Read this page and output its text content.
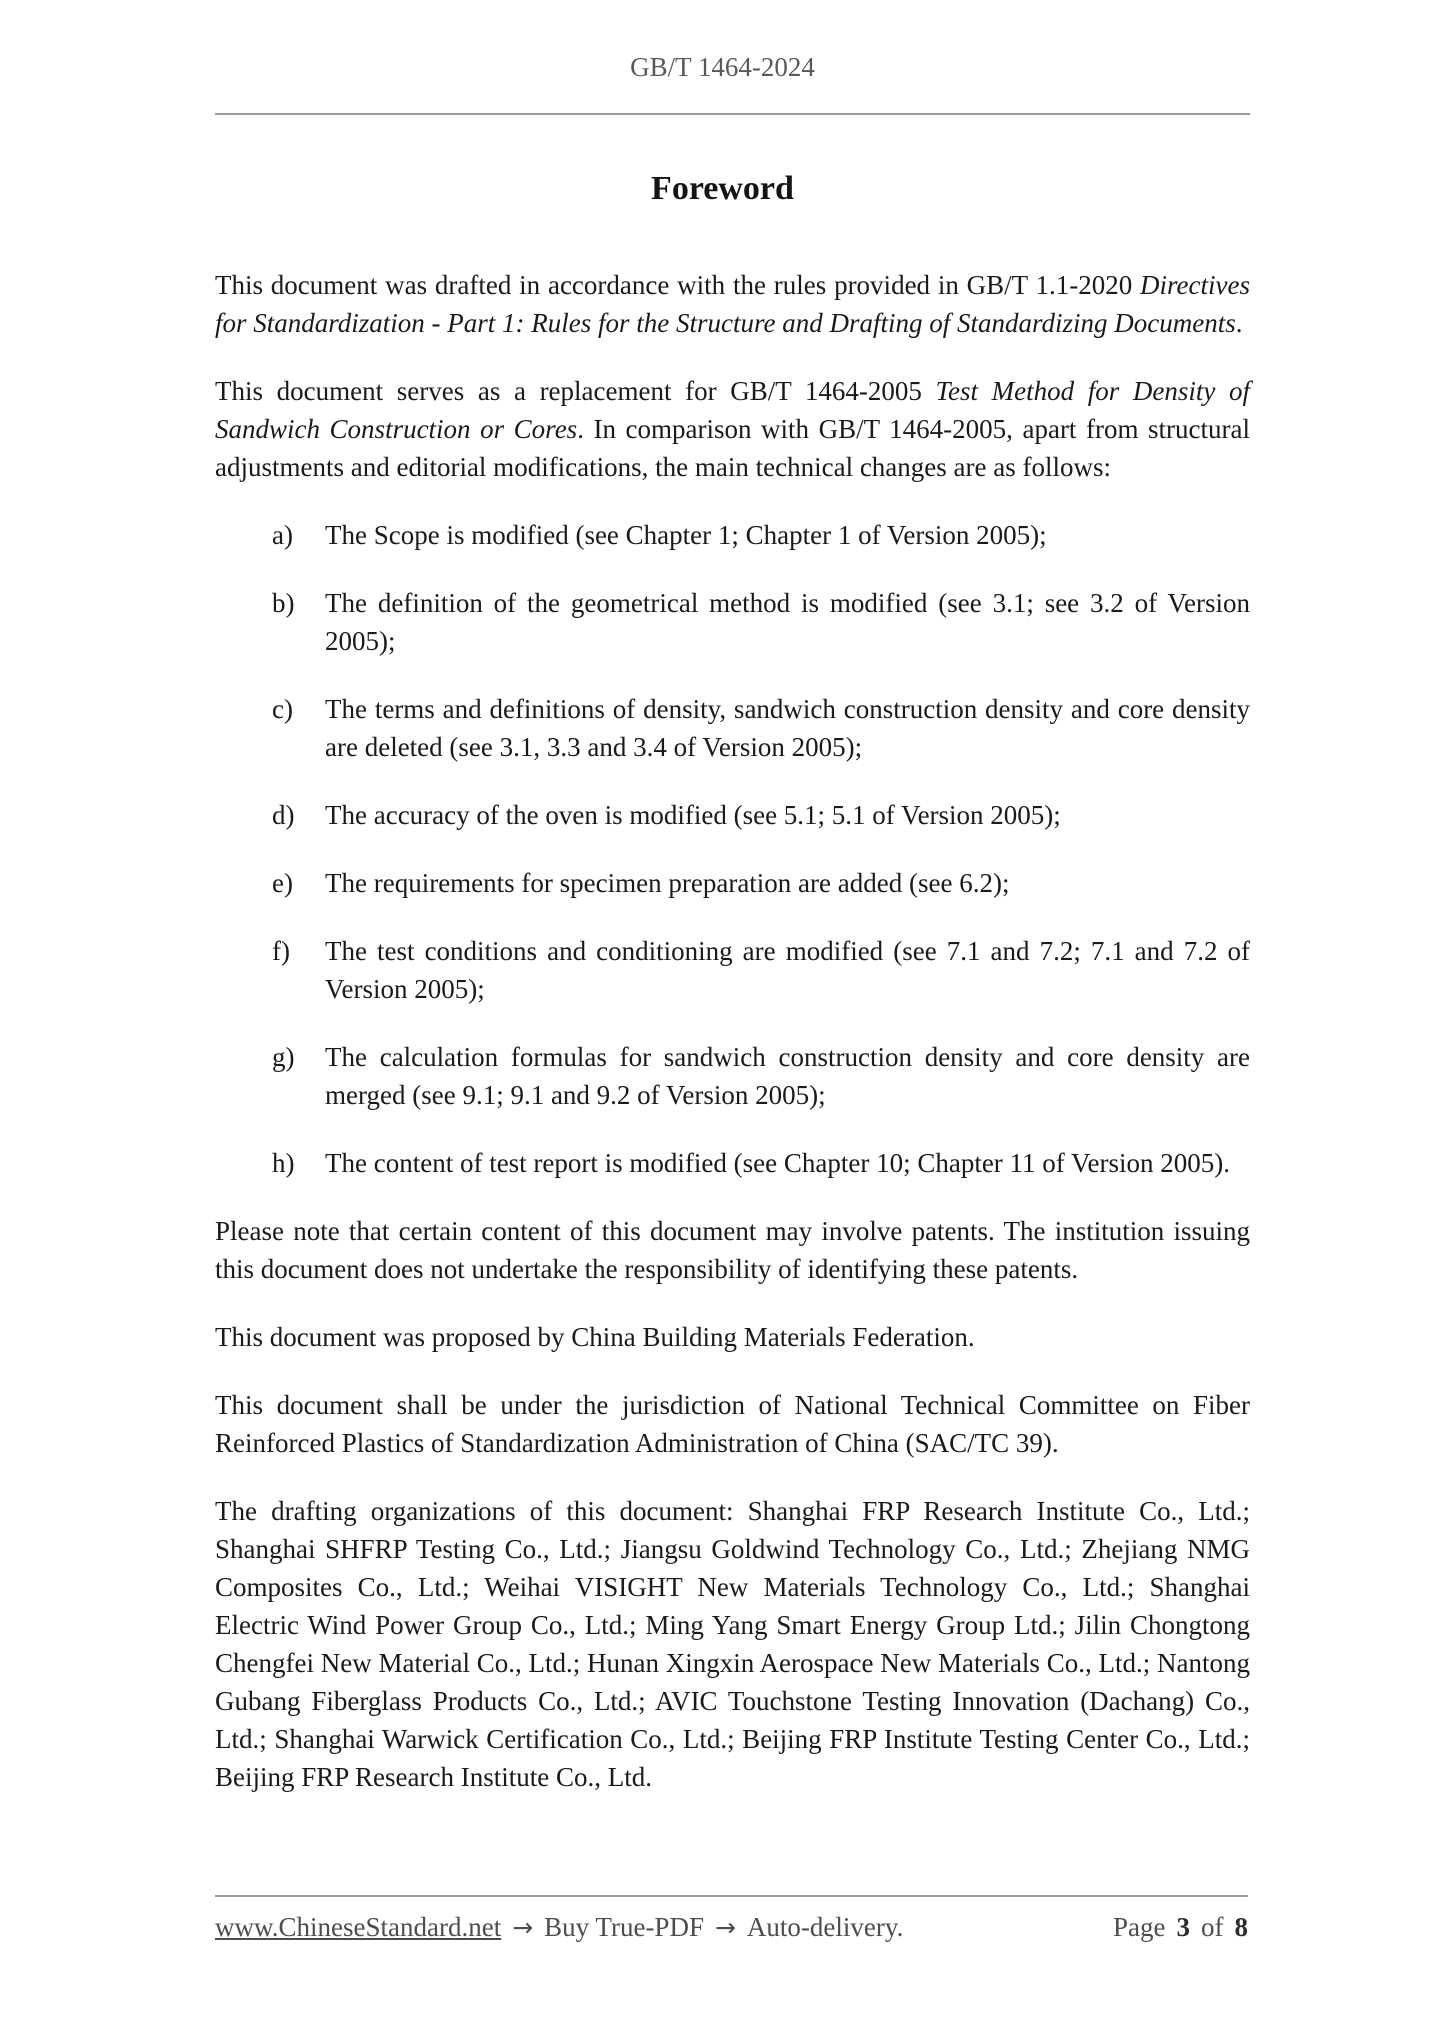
GB/T 1464-2024
Foreword

This document was drafted in accordance with the rules provided in GB/T 1.1-2020 Directives for Standardization - Part 1: Rules for the Structure and Drafting of Standardizing Documents.

This document serves as a replacement for GB/T 1464-2005 Test Method for Density of Sandwich Construction or Cores. In comparison with GB/T 1464-2005, apart from structural adjustments and editorial modifications, the main technical changes are as follows:

a) The Scope is modified (see Chapter 1; Chapter 1 of Version 2005);
b) The definition of the geometrical method is modified (see 3.1; see 3.2 of Version 2005);
c) The terms and definitions of density, sandwich construction density and core density are deleted (see 3.1, 3.3 and 3.4 of Version 2005);
d) The accuracy of the oven is modified (see 5.1; 5.1 of Version 2005);
e) The requirements for specimen preparation are added (see 6.2);
f) The test conditions and conditioning are modified (see 7.1 and 7.2; 7.1 and 7.2 of Version 2005);
g) The calculation formulas for sandwich construction density and core density are merged (see 9.1; 9.1 and 9.2 of Version 2005);
h) The content of test report is modified (see Chapter 10; Chapter 11 of Version 2005).

Please note that certain content of this document may involve patents. The institution issuing this document does not undertake the responsibility of identifying these patents.

This document was proposed by China Building Materials Federation.

This document shall be under the jurisdiction of National Technical Committee on Fiber Reinforced Plastics of Standardization Administration of China (SAC/TC 39).

The drafting organizations of this document: Shanghai FRP Research Institute Co., Ltd.; Shanghai SHFRP Testing Co., Ltd.; Jiangsu Goldwind Technology Co., Ltd.; Zhejiang NMG Composites Co., Ltd.; Weihai VISIGHT New Materials Technology Co., Ltd.; Shanghai Electric Wind Power Group Co., Ltd.; Ming Yang Smart Energy Group Ltd.; Jilin Chongtong Chengfei New Material Co., Ltd.; Hunan Xingxin Aerospace New Materials Co., Ltd.; Nantong Gubang Fiberglass Products Co., Ltd.; AVIC Touchstone Testing Innovation (Dachang) Co., Ltd.; Shanghai Warwick Certification Co., Ltd.; Beijing FRP Institute Testing Center Co., Ltd.; Beijing FRP Research Institute Co., Ltd.

www.ChineseStandard.net → Buy True-PDF → Auto-delivery.	Page 3 of 8
